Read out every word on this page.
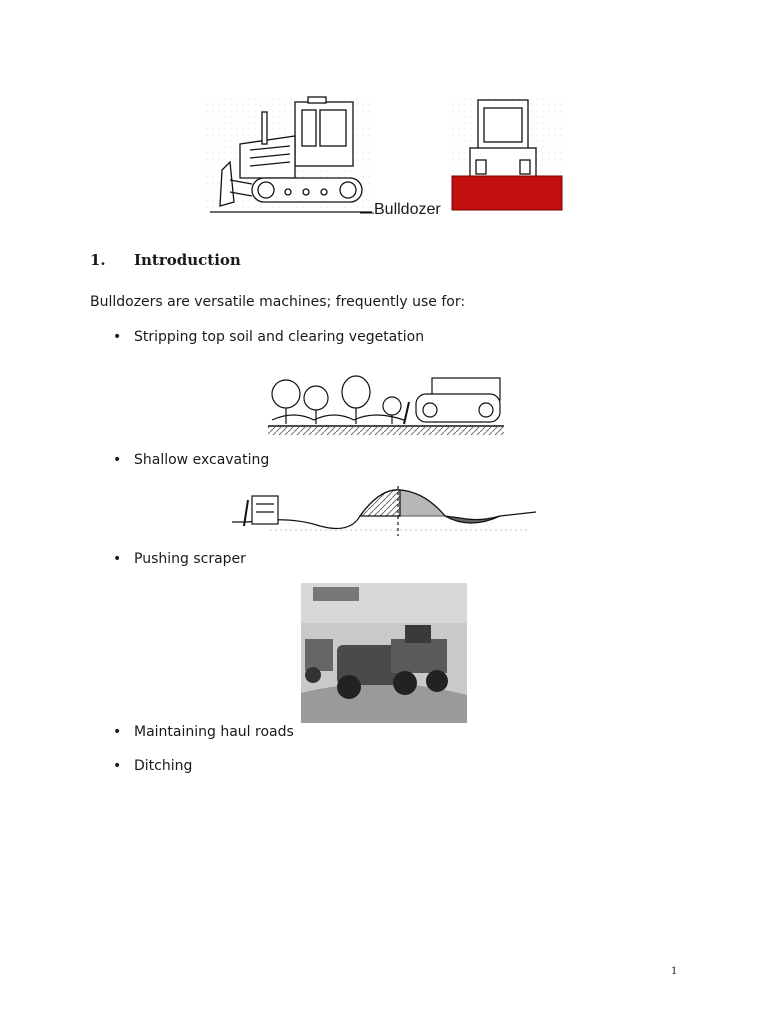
Bulldozer
1. Introduction
Bulldozers are versatile machines; frequently use for:
• Stripping top soil and clearing vegetation
• Shallow excavating
• Pushing scraper
• Maintaining haul roads
• Ditching
1
